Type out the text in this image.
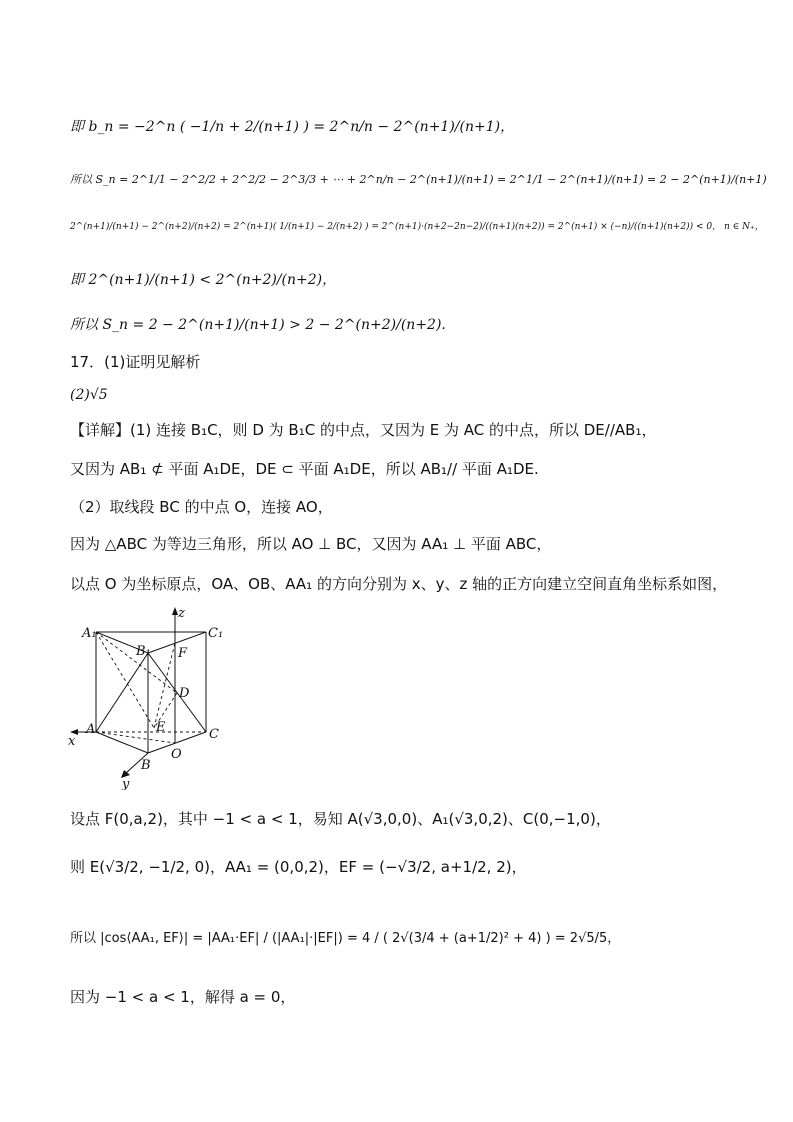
即 b_n = −2^n ( −1/n + 2/(n+1) ) = 2^n/n − 2^(n+1)/(n+1)，
所以 S_n = 2^1/1 − 2^2/2 + 2^2/2 − 2^3/3 + ⋯ + 2^n/n − 2^(n+1)/(n+1) = 2^1/1 − 2^(n+1)/(n+1) = 2 − 2^(n+1)/(n+1)
2^(n+1)/(n+1) − 2^(n+2)/(n+2) = 2^(n+1)( 1/(n+1) − 2/(n+2) ) = 2^(n+1)·(n+2−2n−2)/((n+1)(n+2)) = 2^(n+1) × (−n)/((n+1)(n+2)) < 0， n ∈ N₊，
即 2^(n+1)/(n+1) < 2^(n+2)/(n+2)，
所以 S_n = 2 − 2^(n+1)/(n+1) > 2 − 2^(n+2)/(n+2).
17．(1)证明见解析
(2)√5
【详解】(1) 连接 B₁C，则 D 为 B₁C 的中点，又因为 E 为 AC 的中点，所以 DE//AB₁，
又因为 AB₁ ⊄ 平面 A₁DE，DE ⊂ 平面 A₁DE，所以 AB₁// 平面 A₁DE.
（2）取线段 BC 的中点 O，连接 AO，
因为 △ABC 为等边三角形，所以 AO ⊥ BC，又因为 AA₁ ⊥ 平面 ABC，
以点 O 为坐标原点，OA、OB、AA₁ 的方向分别为 x、y、z 轴的正方向建立空间直角坐标系如图，
z
A₁	C₁
B₁ F
D
E
A	C
x
O
B
y
设点 F(0,a,2)，其中 −1 < a < 1，易知 A(√3,0,0)、A₁(√3,0,2)、C(0,−1,0)，
则 E(√3/2, −1/2, 0)，AA₁ = (0,0,2)，EF = (−√3/2, a+1/2, 2)，
所以 |cos⟨AA₁, EF⟩| = |AA₁·EF| / (|AA₁|·|EF|) = 4 / ( 2√(3/4 + (a+1/2)² + 4) ) = 2√5/5，
因为 −1 < a < 1，解得 a = 0，
